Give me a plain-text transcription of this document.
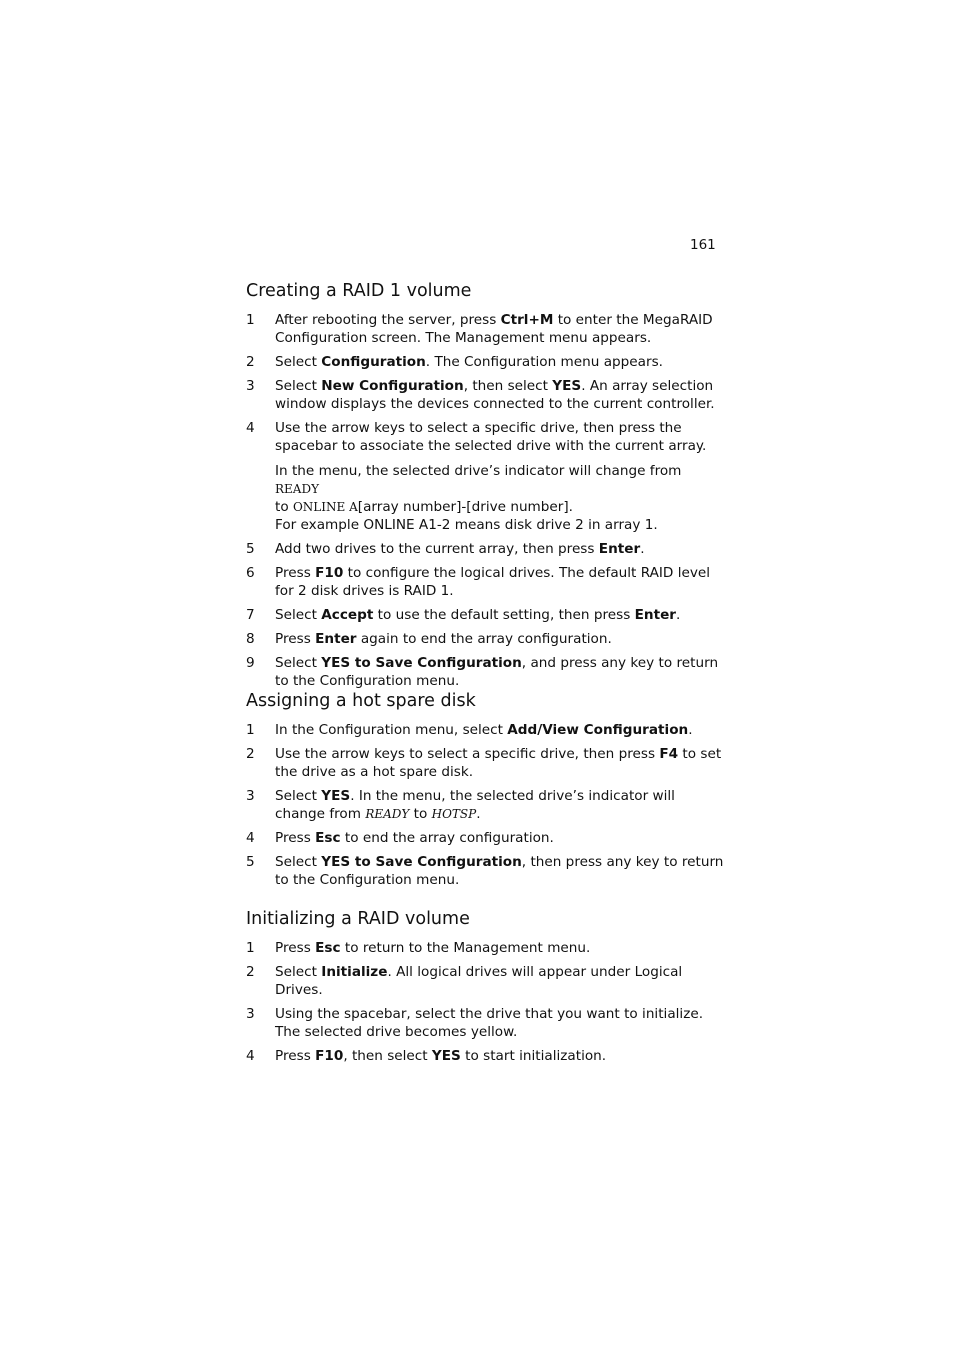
161
Creating a RAID 1 volume
1 After rebooting the server, press Ctrl+M to enter the MegaRAID Configuration screen. The Management menu appears.
2 Select Configuration. The Configuration menu appears.
3 Select New Configuration, then select YES. An array selection window displays the devices connected to the current controller.
4 Use the arrow keys to select a specific drive, then press the spacebar to associate the selected drive with the current array.
In the menu, the selected drive’s indicator will change from READY
to ONLINE A[array number]-[drive number].
For example ONLINE A1-2 means disk drive 2 in array 1.
5 Add two drives to the current array, then press Enter.
6 Press F10 to configure the logical drives. The default RAID level for 2 disk drives is RAID 1.
7 Select Accept to use the default setting, then press Enter.
8 Press Enter again to end the array configuration.
9 Select YES to Save Configuration, and press any key to return to the Configuration menu.
Assigning a hot spare disk
1 In the Configuration menu, select Add/View Configuration.
2 Use the arrow keys to select a specific drive, then press F4 to set the drive as a hot spare disk.
3 Select YES. In the menu, the selected drive’s indicator will change from READY to HOTSP.
4 Press Esc to end the array configuration.
5 Select YES to Save Configuration, then press any key to return to the Configuration menu.
Initializing a RAID volume
1 Press Esc to return to the Management menu.
2 Select Initialize. All logical drives will appear under Logical Drives.
3 Using the spacebar, select the drive that you want to initialize. The selected drive becomes yellow.
4 Press F10, then select YES to start initialization.
